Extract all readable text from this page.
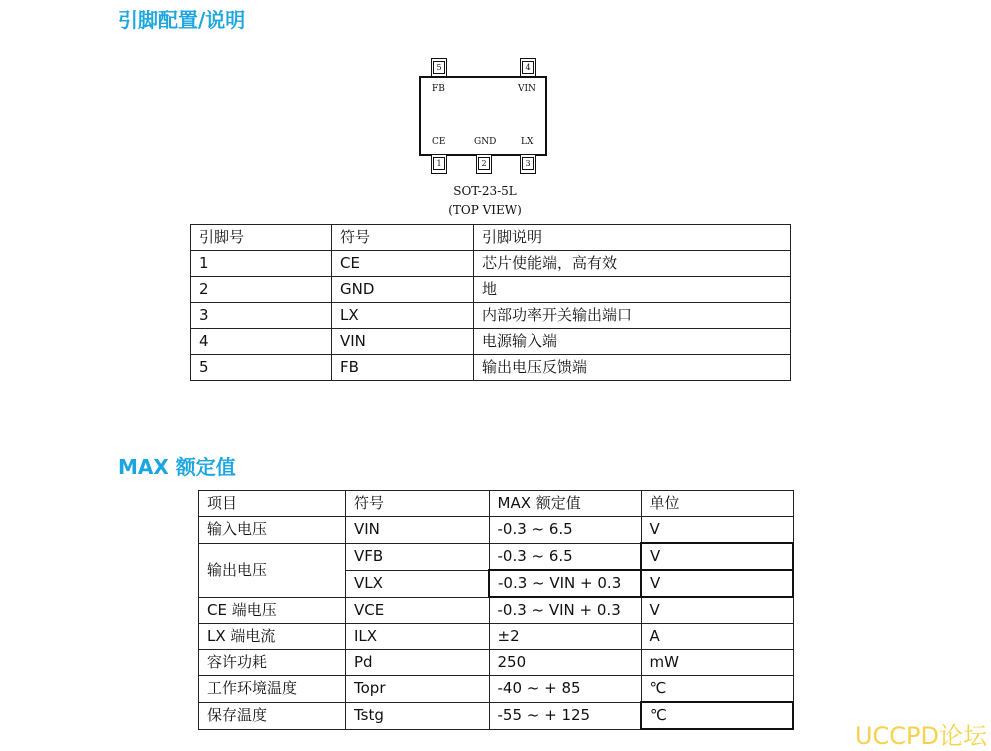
引脚配置/说明
5	4
FB	VIN
CE	GND	LX
1	2	3
SOT-23-5L
(TOP VIEW)
引脚号	符号	引脚说明
1	CE	芯片使能端，高有效
2	GND	地
3	LX	内部功率开关输出端口
4	VIN	电源输入端
5	FB	输出电压反馈端
MAX 额定值
项目	符号	MAX 额定值	单位
输入电压	VIN	-0.3 ~ 6.5	V
输出电压	VFB	-0.3 ~ 6.5	V
	VLX	-0.3 ~ VIN + 0.3	V
CE 端电压	VCE	-0.3 ~ VIN + 0.3	V
LX 端电流	ILX	±2	A
容许功耗	Pd	250	mW
工作环境温度	Topr	-40 ~ + 85	℃
保存温度	Tstg	-55 ~ + 125	℃
UCCPD论坛
